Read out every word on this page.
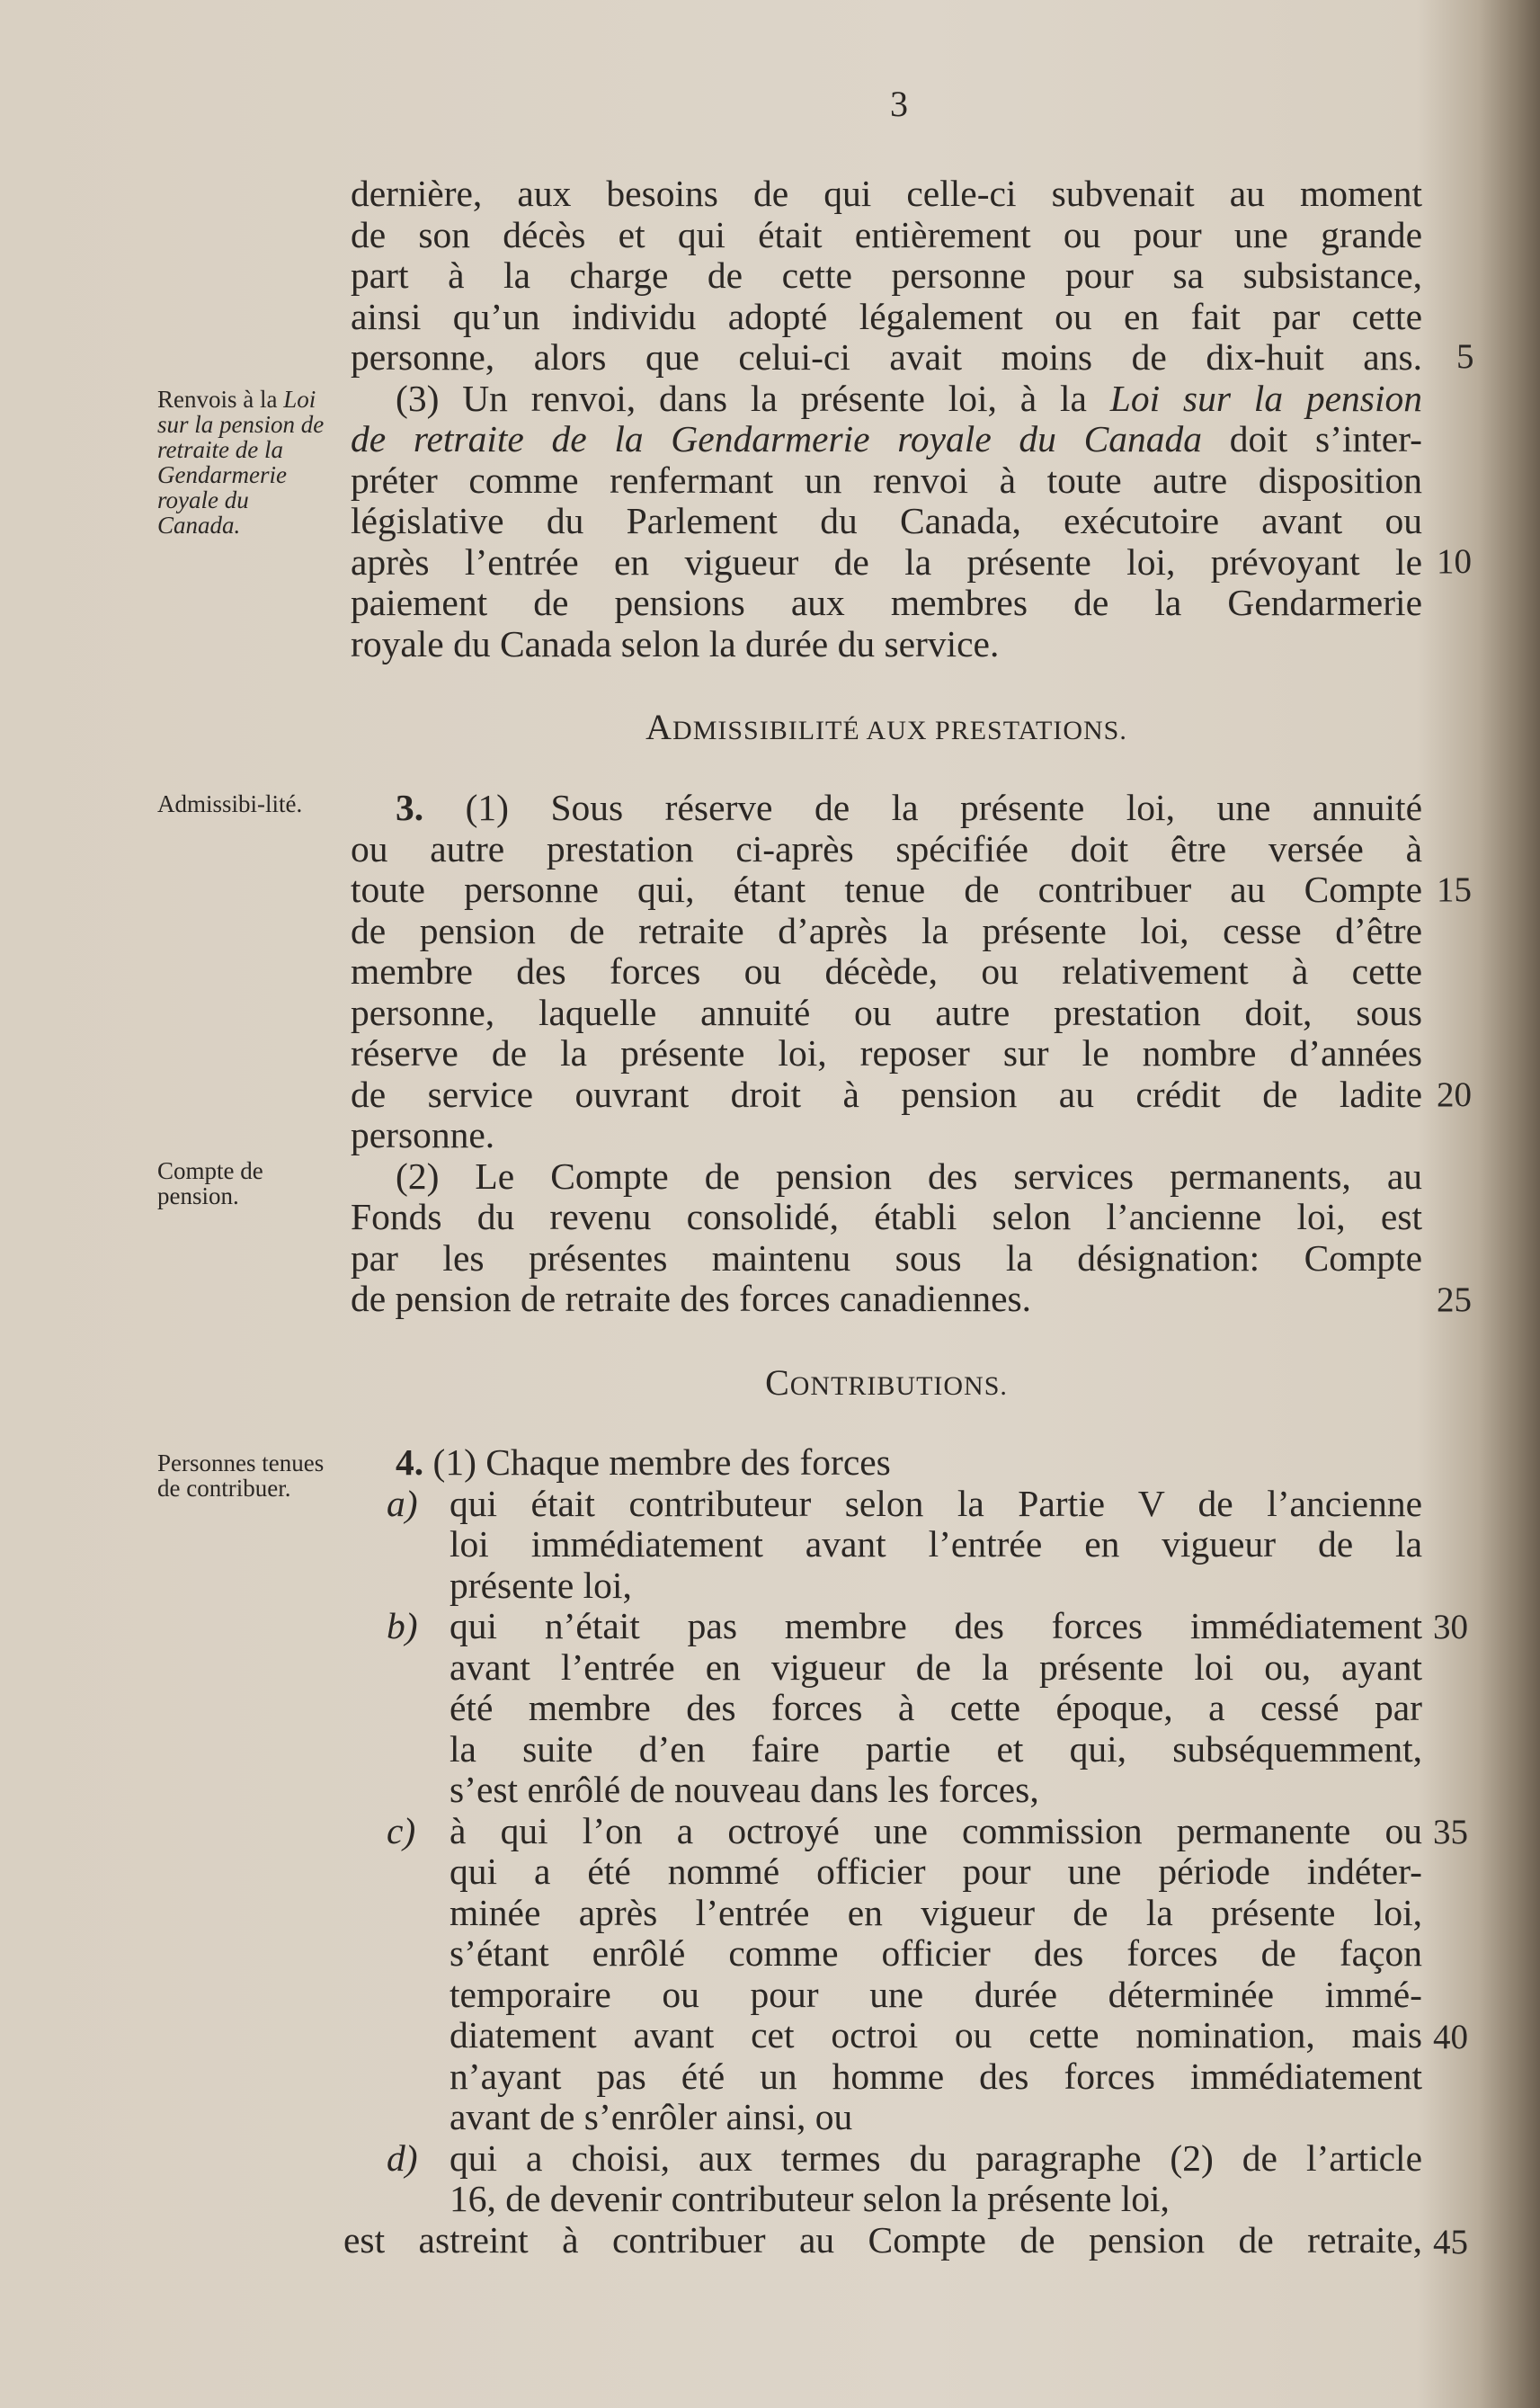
3
Renvois à la Loi sur la pension de retraite de la Gendarmerie royale du Canada.
Admissibi-lité.
Compte de pension.
Personnes tenues de contribuer.
dernière, aux besoins de qui celle-ci subvenait au moment
de son décès et qui était entièrement ou pour une grande
part à la charge de cette personne pour sa subsistance,
ainsi qu’un individu adopté légalement ou en fait par cette
personne, alors que celui-ci avait moins de dix-huit ans.
(3) Un renvoi, dans la présente loi, à la Loi sur la pension
de retraite de la Gendarmerie royale du Canada doit s’inter-
préter comme renfermant un renvoi à toute autre disposition
législative du Parlement du Canada, exécutoire avant ou
après l’entrée en vigueur de la présente loi, prévoyant le
paiement de pensions aux membres de la Gendarmerie
royale du Canada selon la durée du service.
ADMISSIBILITÉ AUX PRESTATIONS.
3. (1) Sous réserve de la présente loi, une annuité
ou autre prestation ci-après spécifiée doit être versée à
toute personne qui, étant tenue de contribuer au Compte
de pension de retraite d’après la présente loi, cesse d’être
membre des forces ou décède, ou relativement à cette
personne, laquelle annuité ou autre prestation doit, sous
réserve de la présente loi, reposer sur le nombre d’années
de service ouvrant droit à pension au crédit de ladite
personne.
(2) Le Compte de pension des services permanents, au
Fonds du revenu consolidé, établi selon l’ancienne loi, est
par les présentes maintenu sous la désignation: Compte
de pension de retraite des forces canadiennes.
CONTRIBUTIONS.
4. (1) Chaque membre des forces
a) qui était contributeur selon la Partie V de l’ancienne
loi immédiatement avant l’entrée en vigueur de la
présente loi,
b) qui n’était pas membre des forces immédiatement
avant l’entrée en vigueur de la présente loi ou, ayant
été membre des forces à cette époque, a cessé par
la suite d’en faire partie et qui, subséquemment,
s’est enrôlé de nouveau dans les forces,
c) à qui l’on a octroyé une commission permanente ou
qui a été nommé officier pour une période indéter-
minée après l’entrée en vigueur de la présente loi,
s’étant enrôlé comme officier des forces de façon
temporaire ou pour une durée déterminée immé-
diatement avant cet octroi ou cette nomination, mais
n’ayant pas été un homme des forces immédiatement
avant de s’enrôler ainsi, ou
d) qui a choisi, aux termes du paragraphe (2) de l’article
16, de devenir contributeur selon la présente loi,
est astreint à contribuer au Compte de pension de retraite,
5
10
15
20
25
30
35
40
45
